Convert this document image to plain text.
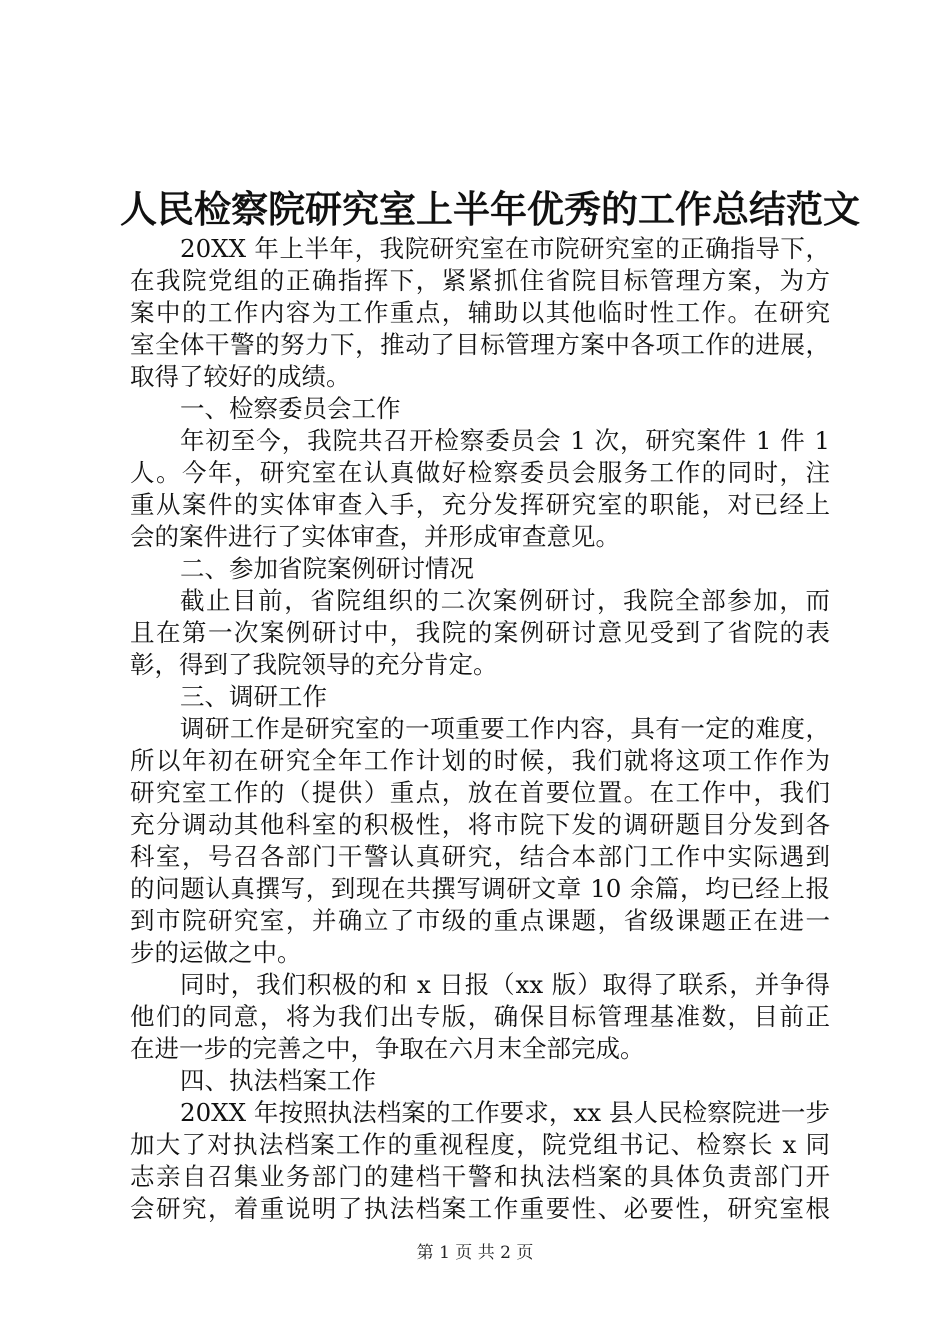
人民检察院研究室上半年优秀的工作总结范文

20XX 年上半年，我院研究室在市院研究室的正确指导下，

在我院党组的正确指挥下，紧紧抓住省院目标管理方案，为方

案中的工作内容为工作重点，辅助以其他临时性工作。在研究

室全体干警的努力下，推动了目标管理方案中各项工作的进展，

取得了较好的成绩。

一、检察委员会工作

年初至今，我院共召开检察委员会 1 次，研究案件 1 件 1

人。今年，研究室在认真做好检察委员会服务工作的同时，注

重从案件的实体审查入手，充分发挥研究室的职能，对已经上

会的案件进行了实体审查，并形成审查意见。

二、参加省院案例研讨情况

截止目前，省院组织的二次案例研讨，我院全部参加，而

且在第一次案例研讨中，我院的案例研讨意见受到了省院的表

彰，得到了我院领导的充分肯定。

三、调研工作

调研工作是研究室的一项重要工作内容，具有一定的难度，

所以年初在研究全年工作计划的时候，我们就将这项工作作为

研究室工作的（提供）重点，放在首要位置。在工作中，我们

充分调动其他科室的积极性，将市院下发的调研题目分发到各

科室，号召各部门干警认真研究，结合本部门工作中实际遇到

的问题认真撰写，到现在共撰写调研文章 10 余篇，均已经上报

到市院研究室，并确立了市级的重点课题，省级课题正在进一

步的运做之中。

同时，我们积极的和 x 日报（xx 版）取得了联系，并争得

他们的同意，将为我们出专版，确保目标管理基准数，目前正

在进一步的完善之中，争取在六月末全部完成。

四、执法档案工作

20XX 年按照执法档案的工作要求，xx 县人民检察院进一步

加大了对执法档案工作的重视程度，院党组书记、检察长 x 同

志亲自召集业务部门的建档干警和执法档案的具体负责部门开

会研究，着重说明了执法档案工作重要性、必要性，研究室根

第 1 页 共 2 页
